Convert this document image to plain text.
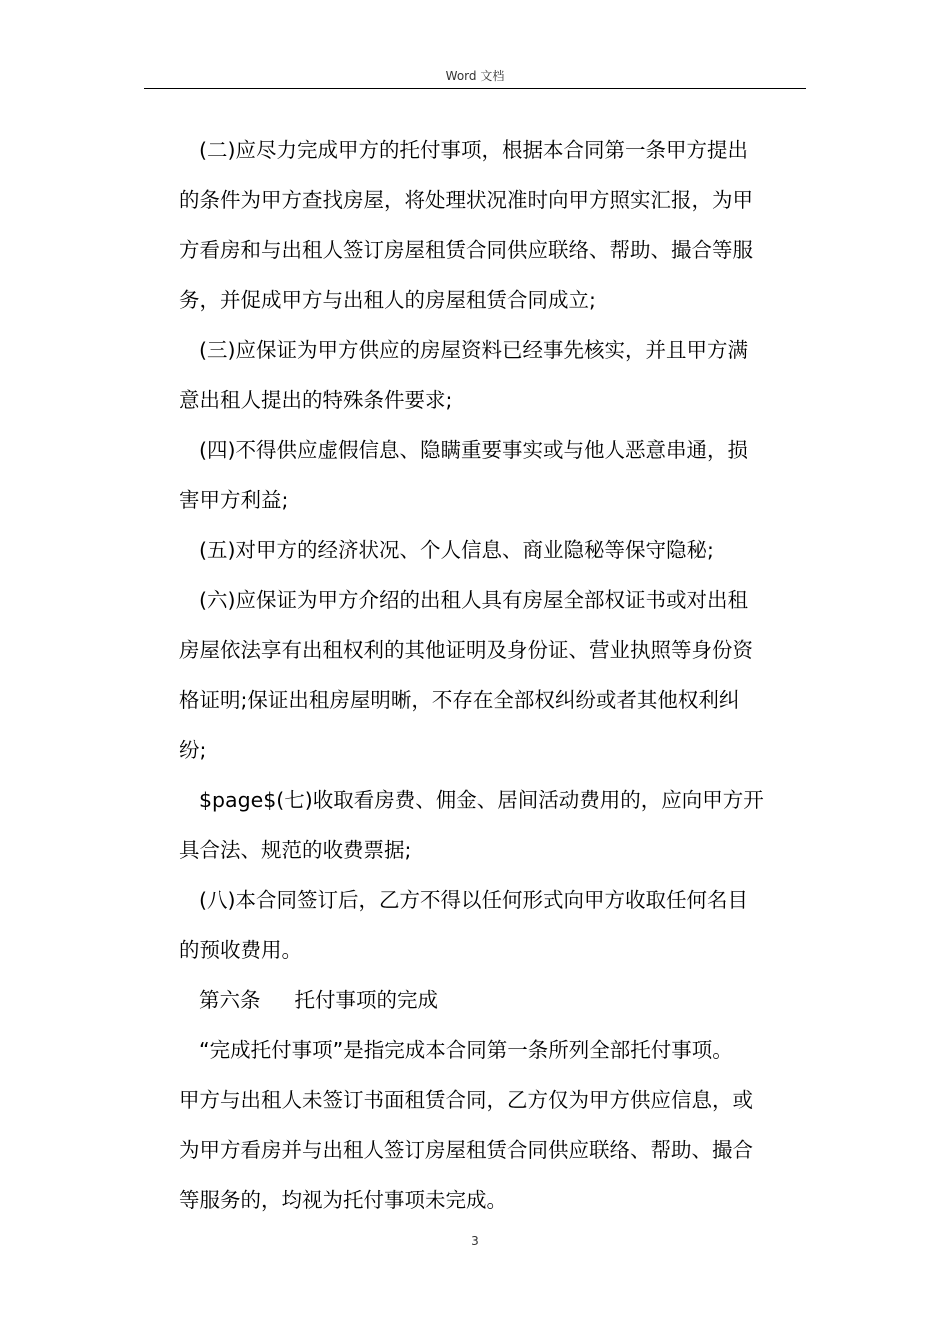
Word 文档
(二)应尽力完成甲方的托付事项，根据本合同第一条甲方提出
的条件为甲方查找房屋，将处理状况准时向甲方照实汇报，为甲
方看房和与出租人签订房屋租赁合同供应联络、帮助、撮合等服
务，并促成甲方与出租人的房屋租赁合同成立;
(三)应保证为甲方供应的房屋资料已经事先核实，并且甲方满
意出租人提出的特殊条件要求;
(四)不得供应虚假信息、隐瞒重要事实或与他人恶意串通，损
害甲方利益;
(五)对甲方的经济状况、个人信息、商业隐秘等保守隐秘;
(六)应保证为甲方介绍的出租人具有房屋全部权证书或对出租
房屋依法享有出租权利的其他证明及身份证、营业执照等身份资
格证明;保证出租房屋明晰，不存在全部权纠纷或者其他权利纠
纷;
$page$(七)收取看房费、佣金、居间活动费用的，应向甲方开
具合法、规范的收费票据;
(八)本合同签订后，乙方不得以任何形式向甲方收取任何名目
的预收费用。
第六条 托付事项的完成
“完成托付事项”是指完成本合同第一条所列全部托付事项。
甲方与出租人未签订书面租赁合同，乙方仅为甲方供应信息，或
为甲方看房并与出租人签订房屋租赁合同供应联络、帮助、撮合
等服务的，均视为托付事项未完成。
3
